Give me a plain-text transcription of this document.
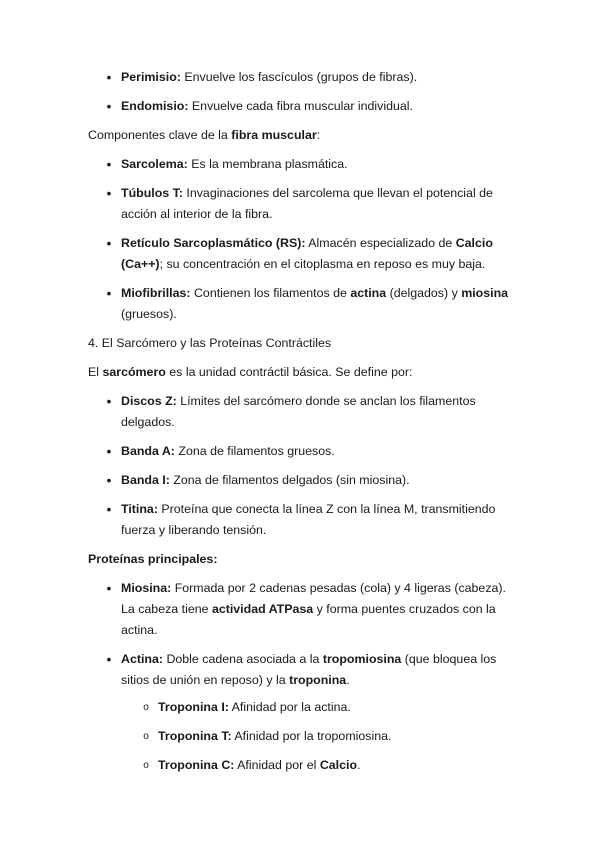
• Perimisio: Envuelve los fascículos (grupos de fibras).
• Endomisio: Envuelve cada fibra muscular individual.
Componentes clave de la fibra muscular:
• Sarcolema: Es la membrana plasmática.
• Túbulos T: Invaginaciones del sarcolema que llevan el potencial de
acción al interior de la fibra.
• Retículo Sarcoplasmático (RS): Almacén especializado de Calcio
(Ca++); su concentración en el citoplasma en reposo es muy baja.
• Miofibrillas: Contienen los filamentos de actina (delgados) y miosina
(gruesos).
4. El Sarcómero y las Proteínas Contráctiles
El sarcómero es la unidad contráctil básica. Se define por:
• Discos Z: Límites del sarcómero donde se anclan los filamentos
delgados.
• Banda A: Zona de filamentos gruesos.
• Banda I: Zona de filamentos delgados (sin miosina).
• Titina: Proteína que conecta la línea Z con la línea M, transmitiendo
fuerza y liberando tensión.
Proteínas principales:
• Miosina: Formada por 2 cadenas pesadas (cola) y 4 ligeras (cabeza).
La cabeza tiene actividad ATPasa y forma puentes cruzados con la
actina.
• Actina: Doble cadena asociada a la tropomiosina (que bloquea los
sitios de unión en reposo) y la troponina.
o Troponina I: Afinidad por la actina.
o Troponina T: Afinidad por la tropomiosina.
o Troponina C: Afinidad por el Calcio.
